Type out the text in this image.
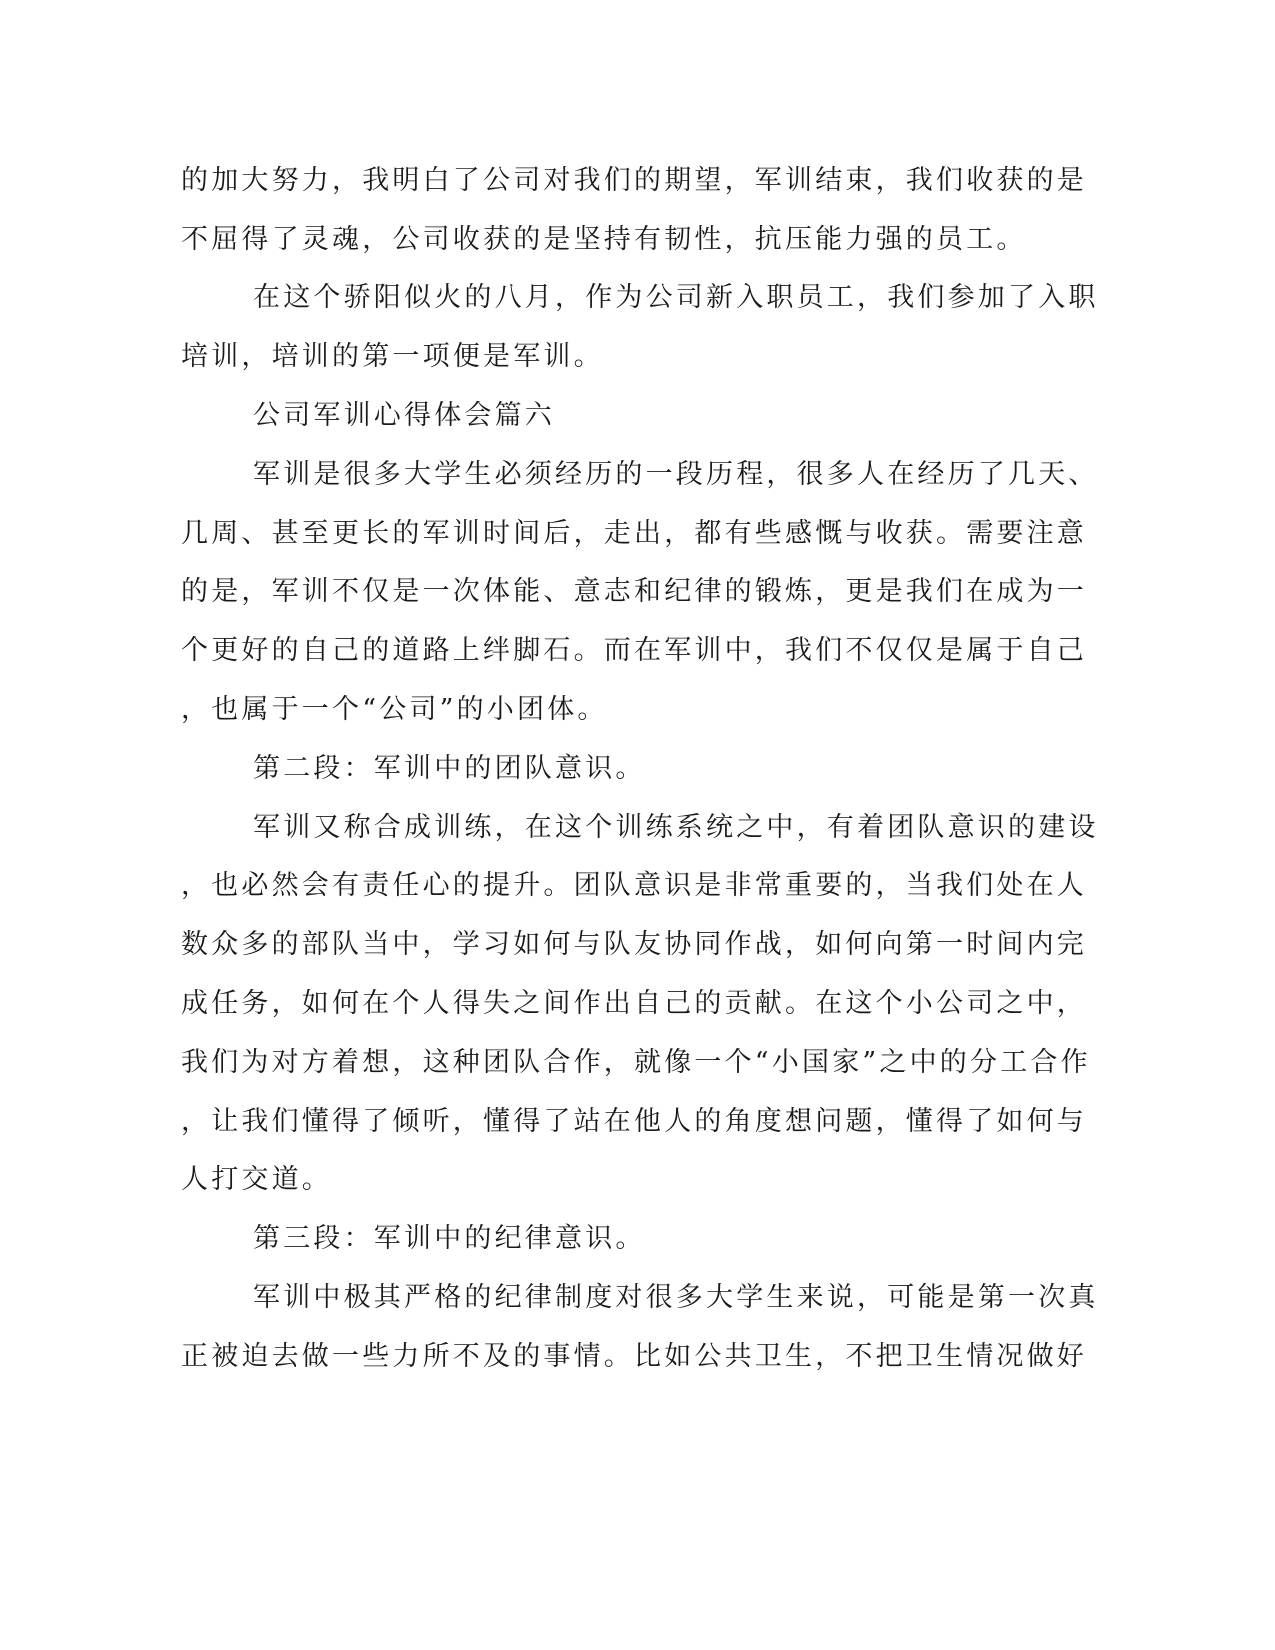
的加大努力，我明白了公司对我们的期望，军训结束，我们收获的是

不屈得了灵魂，公司收获的是坚持有韧性，抗压能力强的员工。

在这个骄阳似火的八月，作为公司新入职员工，我们参加了入职

培训，培训的第一项便是军训。

公司军训心得体会篇六

军训是很多大学生必须经历的一段历程，很多人在经历了几天、

几周、甚至更长的军训时间后，走出，都有些感慨与收获。需要注意

的是，军训不仅是一次体能、意志和纪律的锻炼，更是我们在成为一

个更好的自己的道路上绊脚石。而在军训中，我们不仅仅是属于自己

，也属于一个“公司”的小团体。

第二段：军训中的团队意识。

军训又称合成训练，在这个训练系统之中，有着团队意识的建设

，也必然会有责任心的提升。团队意识是非常重要的，当我们处在人

数众多的部队当中，学习如何与队友协同作战，如何向第一时间内完

成任务，如何在个人得失之间作出自己的贡献。在这个小公司之中，

我们为对方着想，这种团队合作，就像一个“小国家”之中的分工合作

，让我们懂得了倾听，懂得了站在他人的角度想问题，懂得了如何与

人打交道。

第三段：军训中的纪律意识。

军训中极其严格的纪律制度对很多大学生来说，可能是第一次真

正被迫去做一些力所不及的事情。比如公共卫生，不把卫生情况做好
